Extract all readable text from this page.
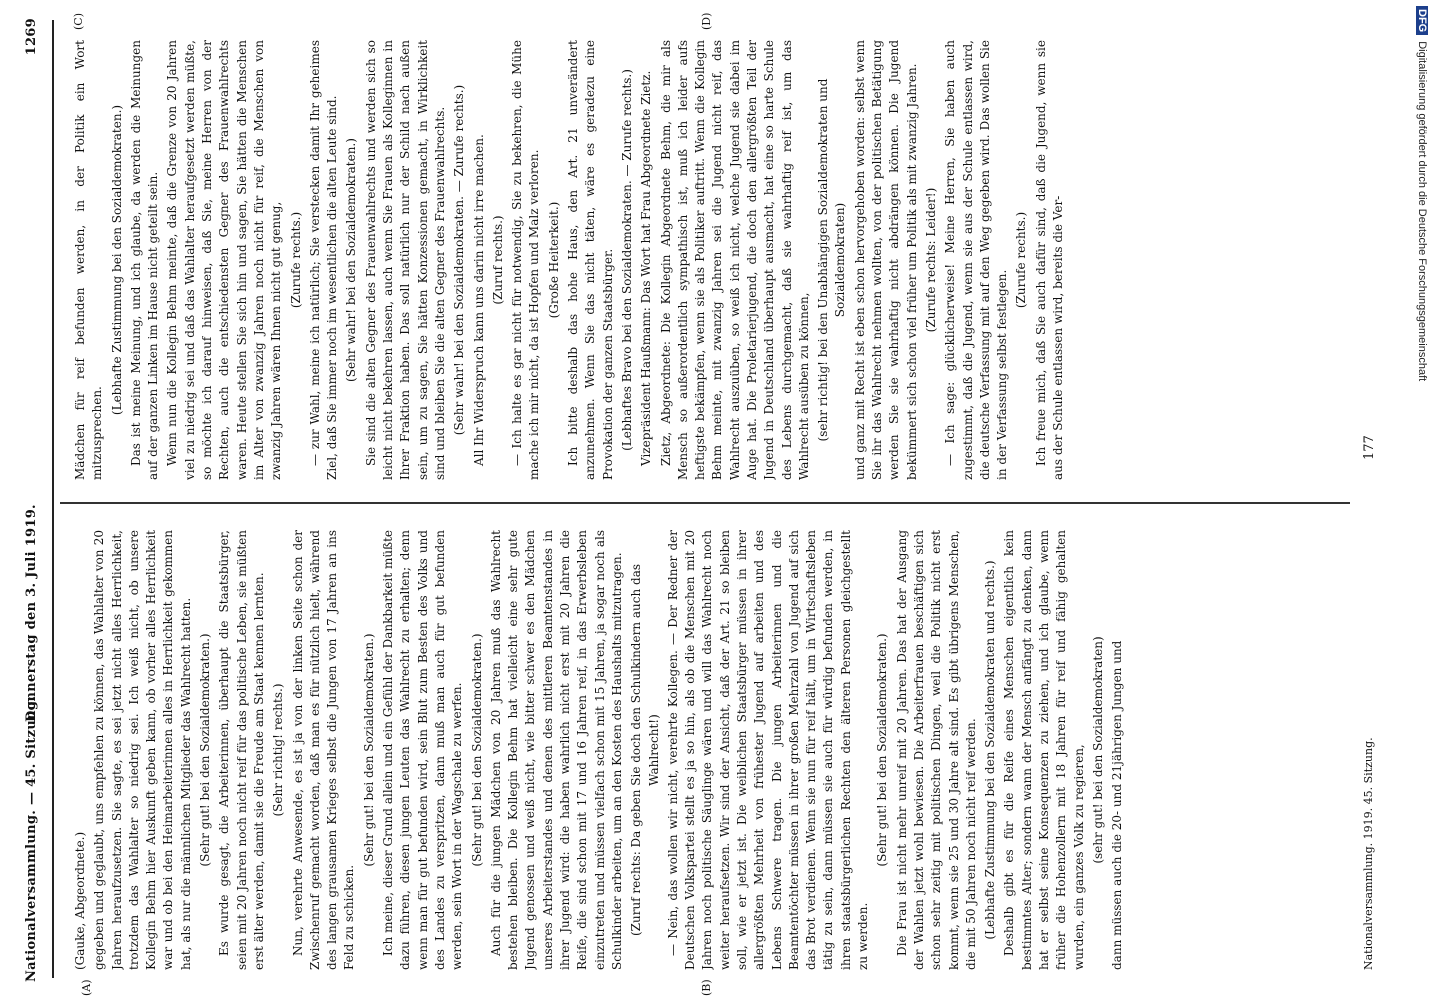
Nationalversammlung. — 45. Sitzung.
Donnerstag den 3. Juli 1919.
1269
(A)	(B)
(C)	(D)

(Gauke, Abgeordnete.) gegeben und geglaubt, uns empfehlen zu können, das Wahlalter von 20 Jahren heraufzusetzen. Sie sagte, es sei jetzt nicht alles Herrlichkeit, trotzdem das Wahlalter so niedrig sei. Ich weiß nicht, ob unsere Kollegin Behm hier Auskunft geben kann, ob vorher alles Herrlichkeit war und ob bei den Heimarbeiterinnen alles in Herrlichkeit gekommen hat, als nur die männlichen Mitglieder das Wahlrecht hatten. (Sehr gut! bei den Sozialdemokraten.) Es wurde gesagt, die Arbeiterinnen, überhaupt die Staatsbürger, seien mit 20 Jahren noch nicht reif für das politische Leben, sie müßten erst älter werden, damit sie die Freude am Staat kennen lernten. (Sehr richtig! rechts.) Nun, verehrte Anwesende, es ist ja von der linken Seite schon der Zwischenruf gemacht worden, daß man es für nützlich hielt, während des langen grausamen Krieges selbst die Jungen von 17 Jahren an ins Feld zu schicken.

(Sehr gut! bei den Sozialdemokraten.) Ich meine, dieser Grund allein und ein Gefühl der Dankbarkeit müßte dazu führen, diesen jungen Leuten das Wahlrecht zu erhalten; denn wenn man für gut befunden wird, sein Blut zum Besten des Volks und des Landes zu verspritzen, dann muß man auch für gut befunden werden, sein Wort in der Wagschale zu werfen. (Sehr gut! bei den Sozialdemokraten.) Auch für die jungen Mädchen von 20 Jahren muß das Wahlrecht bestehen bleiben. Die Kollegin Behm hat vielleicht eine sehr gute Jugend genossen und weiß nicht, wie bitter schwer es den Mädchen unseres Arbeiterstandes und denen des mittleren Beamtenstandes in ihrer Jugend wird: die haben wahrlich nicht erst mit 20 Jahren die Reife, die sind schon mit 17 und 16 Jahren reif, in das Erwerbsleben einzutreten und müssen vielfach schon mit 15 Jahren, ja sogar noch als Schulkinder arbeiten, um an den Kosten des Haushalts mitzutragen. (Zuruf rechts: Da geben Sie doch den Schulkindern auch das Wahlrecht!) — Nein, das wollen wir nicht, verehrte Kollegen. — Der Redner der Deutschen Volkspartei stellt es ja so hin, als ob die Menschen mit 20 Jahren noch politische Säuglinge wären und will das Wahlrecht noch weiter heraufsetzen. Wir sind der Ansicht, daß der Art. 21 so bleiben soll, wie er jetzt ist. Die weiblichen Staatsbürger müssen in ihrer allergrößten Mehrheit von frühester Jugend auf arbeiten und des Lebens Schwere tragen. Die jungen Arbeiterinnen und die Beamtentöchter müssen in ihrer großen Mehrzahl von Jugend auf sich das Brot verdienen. Wenn sie nun für reif hält, um in Wirtschaftsleben tätig zu sein, dann müssen sie auch für würdig befunden werden, in ihren staatsbürgerlichen Rechten den älteren Personen gleichgestellt zu werden.

(Sehr gut! bei den Sozialdemokraten.) Die Frau ist nicht mehr unreif mit 20 Jahren. Das hat der Ausgang der Wahlen jetzt wohl bewiesen. Die Arbeiterfrauen beschäftigen sich schon sehr zeitig mit politischen Dingen, weil die Politik nicht erst kommt, wenn sie 25 und 30 Jahre alt sind. Es gibt übrigens Menschen, die mit 50 Jahren noch nicht reif werden. (Lebhafte Zustimmung bei den Sozialdemokraten und rechts.) Deshalb gibt es für die Reife eines Menschen eigentlich kein bestimmtes Alter; sondern wann der Mensch anfängt zu denken, dann hat er selbst seine Konsequenzen zu ziehen, und ich glaube, wenn früher die Hohenzollern mit 18 Jahren für reif und fähig gehalten wurden, ein ganzes Volk zu regieren, (sehr gut! bei den Sozialdemokraten) dann müssen auch die 20- und 21jährigen Jungen und

Mädchen für reif befunden werden, in der Politik ein Wort mitzusprechen.

(Lebhafte Zustimmung bei den Sozialdemokraten.) Das ist meine Meinung, und ich glaube, da werden die Meinungen auf der ganzen Linken im Hause nicht geteilt sein. Wenn nun die Kollegin Behm meinte, daß die Grenze von 20 Jahren viel zu niedrig sei und daß das Wahlalter heraufgesetzt werden müßte, so möchte ich darauf hinweisen, daß Sie, meine Herren von der Rechten, auch die entschiedensten Gegner des Frauenwahlrechts waren. Heute stellen Sie sich hin und sagen, Sie hätten die Menschen im Alter von zwanzig Jahren noch nicht für reif, die Menschen von zwanzig Jahren wären Ihnen nicht gut genug, (Zurufe rechts.) — zur Wahl, meine ich natürlich; Sie verstecken damit Ihr geheimes Ziel, daß Sie immer noch im wesentlichen die alten Leute sind. (Sehr wahr! bei den Sozialdemokraten.) Sie sind die alten Gegner des Frauenwahlrechts und werden sich so leicht nicht bekehren lassen, auch wenn Sie Frauen als Kolleginnen in Ihrer Fraktion haben. Das soll natürlich nur der Schild nach außen sein, um zu sagen, Sie hätten Konzessionen gemacht, in Wirklichkeit sind und bleiben Sie die alten Gegner des Frauenwahlrechts. (Sehr wahr! bei den Sozialdemokraten. — Zurufe rechts.) All Ihr Widerspruch kann uns darin nicht irre machen. (Zuruf rechts.) — Ich halte es gar nicht für notwendig, Sie zu bekehren, die Mühe mache ich mir nicht, da ist Hopfen und Malz verloren. (Große Heiterkeit.) Ich bitte deshalb das hohe Haus, den Art. 21 unverändert anzunehmen. Wenn Sie das nicht täten, wäre es geradezu eine Provokation der ganzen Staatsbürger. (Lebhaftes Bravo bei den Sozialdemokraten. — Zurufe rechts.) Vizepräsident Haußmann: Das Wort hat Frau Abgeordnete Zietz. Zietz, Abgeordnete: Die Kollegin Abgeordnete Behm, die mir als Mensch so außerordentlich sympathisch ist, muß ich leider aufs heftigste bekämpfen, wenn sie als Politiker auftritt. Wenn die Kollegin Behm meinte, mit zwanzig Jahren sei die Jugend nicht reif, das Wahlrecht auszuüben, so weiß ich nicht, welche Jugend sie dabei im Auge hat. Die Proletarierjugend, die doch den allergrößten Teil der Jugend in Deutschland überhaupt ausmacht, hat eine so harte Schule des Lebens durchgemacht, daß sie wahrhaftig reif ist, um das Wahlrecht ausüben zu können, (sehr richtig! bei den Unabhängigen Sozialdemokraten und Sozialdemokraten) und ganz mit Recht ist eben schon hervorgehoben worden: selbst wenn Sie ihr das Wahlrecht nehmen wollten, von der politischen Betätigung werden Sie sie wahrhaftig nicht abdrängen können. Die Jugend bekümmert sich schon viel früher um Politik als mit zwanzig Jahren. (Zurufe rechts: Leider!) — Ich sage: glücklicherweise! Meine Herren, Sie haben auch zugestimmt, daß die Jugend, wenn sie aus der Schule entlassen wird, die deutsche Verfassung mit auf den Weg gegeben wird. Das wollen Sie in der Verfassung selbst festlegen.

(Zurufe rechts.) Ich freue mich, daß Sie auch dafür sind, daß die Jugend, wenn sie aus der Schule entlassen wird, bereits die Ver-

Nationalversammlung. 1919. 45. Sitzung.
177
DFGDigitalisierung gefördert durch die Deutsche Forschungsgemeinschaft
